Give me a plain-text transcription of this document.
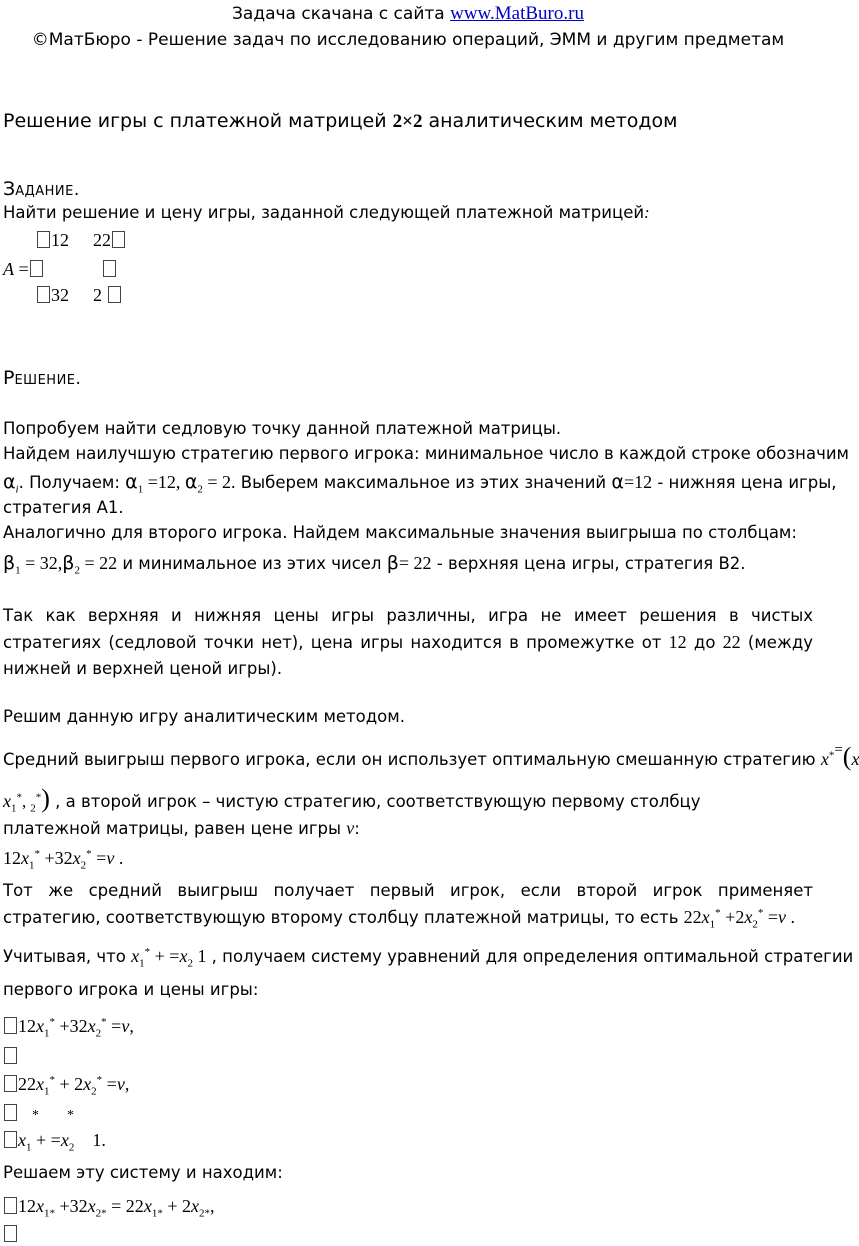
Задача скачана с сайта www.MatBuro.ru
©МатБюро - Решение задач по исследованию операций, ЭММ и другим предметам
Решение игры с платежной матрицей 2×2 аналитическим методом
ЗАДАНИЕ.
Найти решение и цену игры, заданной следующей платежной матрицей:
12 22
A =
32 2
РЕШЕНИЕ.
Попробуем найти седловую точку данной платежной матрицы.
Найдем наилучшую стратегию первого игрока: минимальное число в каждой строке обозначим
$\alpha_i$. Получаем: $\alpha_1 =12$, $\alpha_2 = 2$. Выберем максимальное из этих значений α=12 - нижняя цена игры,
стратегия A1.
Аналогично для второго игрока. Найдем максимальные значения выигрыша по столбцам:
$\beta_1 = 32,\beta_2 = 22$ и минимальное из этих чисел β= 22 - верхняя цена игры, стратегия B2.
Так как верхняя и нижняя цены игры различны, игра не имеет решения в чистых стратегиях (седловой точки нет), цена игры находится в промежутке от 12 до 22 (между нижней и верхней ценой игры).
Решим данную игру аналитическим методом.
Средний выигрыш первого игрока, если он использует оптимальную смешанную стратегию x*=(x
$x_1^*$, $_2$*) , а второй игрок – чистую стратегию, соответствующую первому столбцу
платежной матрицы, равен цене игры v:
$12x_1^* +32x_2^* =v$ .
Тот же средний выигрыш получает первый игрок, если второй игрок применяет стратегию, соответствующую второму столбцу платежной матрицы, то есть $22x_1^* +2x_2^* =v$ .
Учитывая, что $x_1^* + =x_2$ 1 , получаем систему уравнений для определения оптимальной стратегии
первого игрока и цены игры:
$12x_1^* +32x_2^* =v$,
$22x_1^* + 2x_2^* =v$,
*        *
$x_1 + =x_2$    1.
Решаем эту систему и находим:
$12x_{1*} +32x_{2*} = 22x_{1*} + 2x_{2*}$,
